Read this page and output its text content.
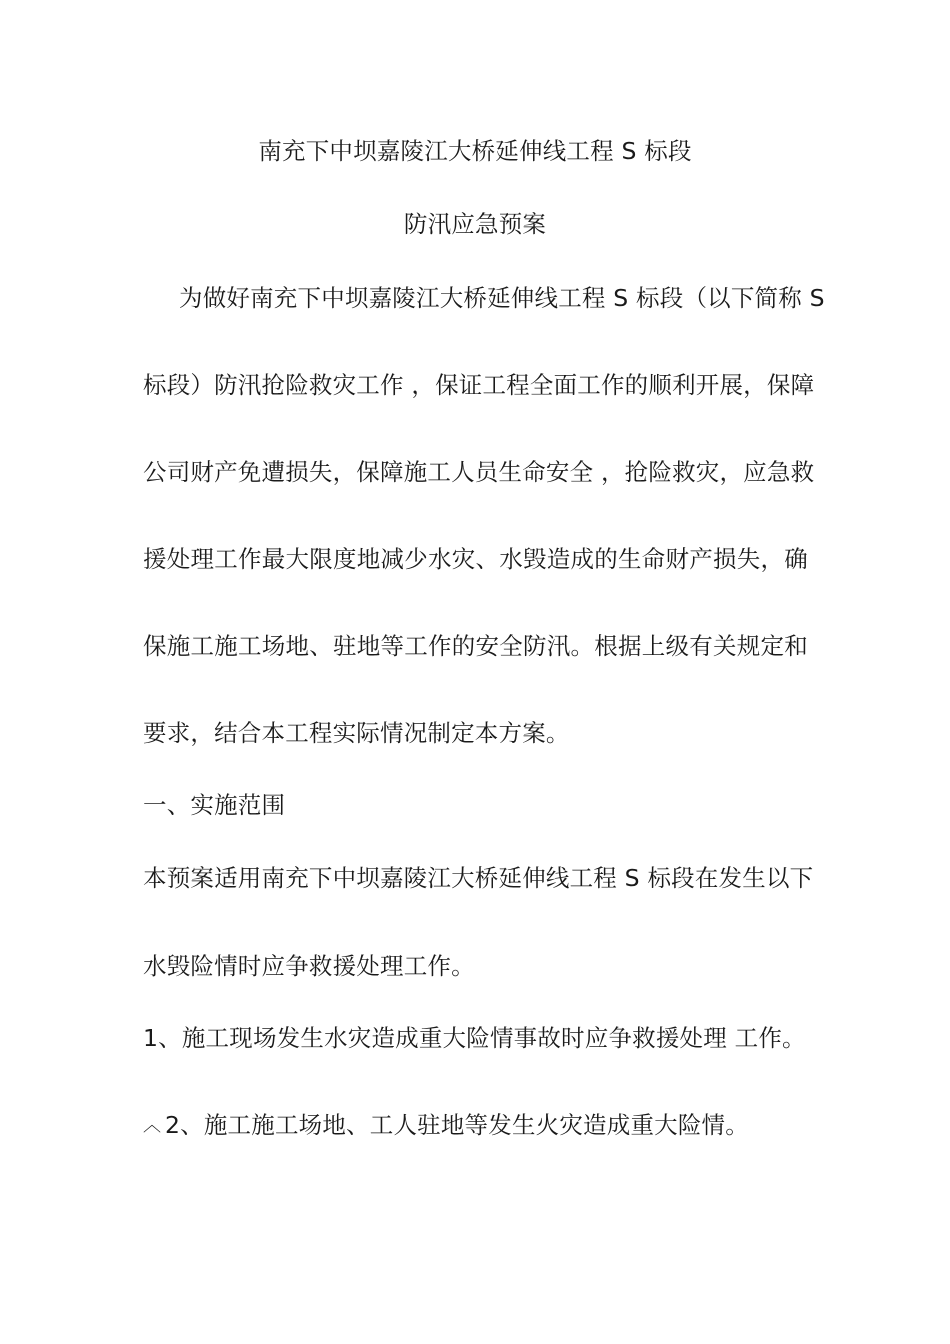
南充下中坝嘉陵江大桥延伸线工程 S 标段
防汛应急预案
为做好南充下中坝嘉陵江大桥延伸线工程 S 标段（以下简称 S
标段）防汛抢险救灾工作 ，保证工程全面工作的顺利开展，保障
公司财产免遭损失，保障施工人员生命安全 ，抢险救灾，应急救
援处理工作最大限度地减少水灾、水毁造成的生命财产损失，确
保施工施工场地、驻地等工作的安全防汛。根据上级有关规定和
要求，结合本工程实际情况制定本方案。
一、实施范围
本预案适用南充下中坝嘉陵江大桥延伸线工程 S 标段在发生以下
水毁险情时应争救援处理工作。
1、施工现场发生水灾造成重大险情事故时应争救援处理 工作。
︿ 2、施工施工场地、工人驻地等发生火灾造成重大险情。
